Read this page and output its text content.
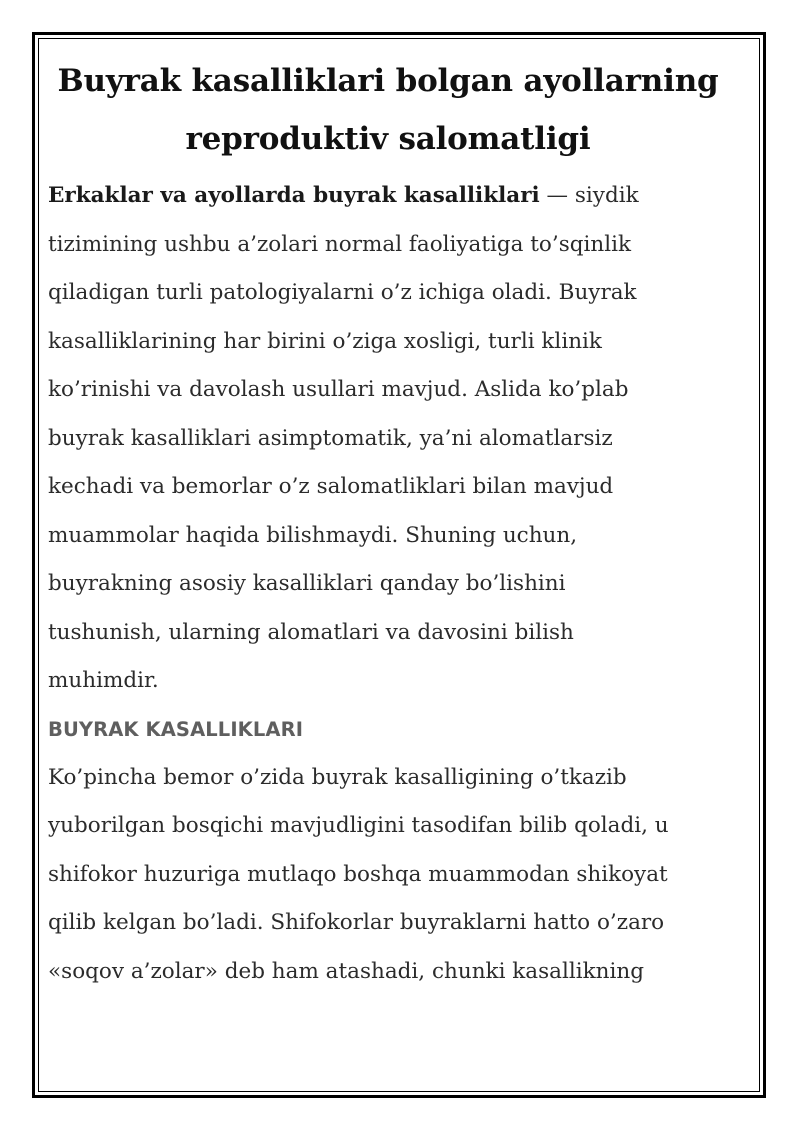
Buyrak kasalliklari bolgan ayollarning
reproduktiv salomatligi

Erkaklar va ayollarda buyrak kasalliklari — siydik
tizimining ushbu a’zolari normal faoliyatiga to’sqinlik
qiladigan turli patologiyalarni o’z ichiga oladi. Buyrak
kasalliklarining har birini o’ziga xosligi, turli klinik
ko’rinishi va davolash usullari mavjud. Aslida ko’plab
buyrak kasalliklari asimptomatik, ya’ni alomatlarsiz
kechadi va bemorlar o’z salomatliklari bilan mavjud
muammolar haqida bilishmaydi. Shuning uchun,
buyrakning asosiy kasalliklari qanday bo’lishini
tushunish, ularning alomatlari va davosini bilish
muhimdir.

BUYRAK KASALLIKLARI

Ko’pincha bemor o’zida buyrak kasalligining o’tkazib
yuborilgan bosqichi mavjudligini tasodifan bilib qoladi, u
shifokor huzuriga mutlaqo boshqa muammodan shikoyat
qilib kelgan bo’ladi. Shifokorlar buyraklarni hatto o’zaro
«soqov a’zolar» deb ham atashadi, chunki kasallikning
